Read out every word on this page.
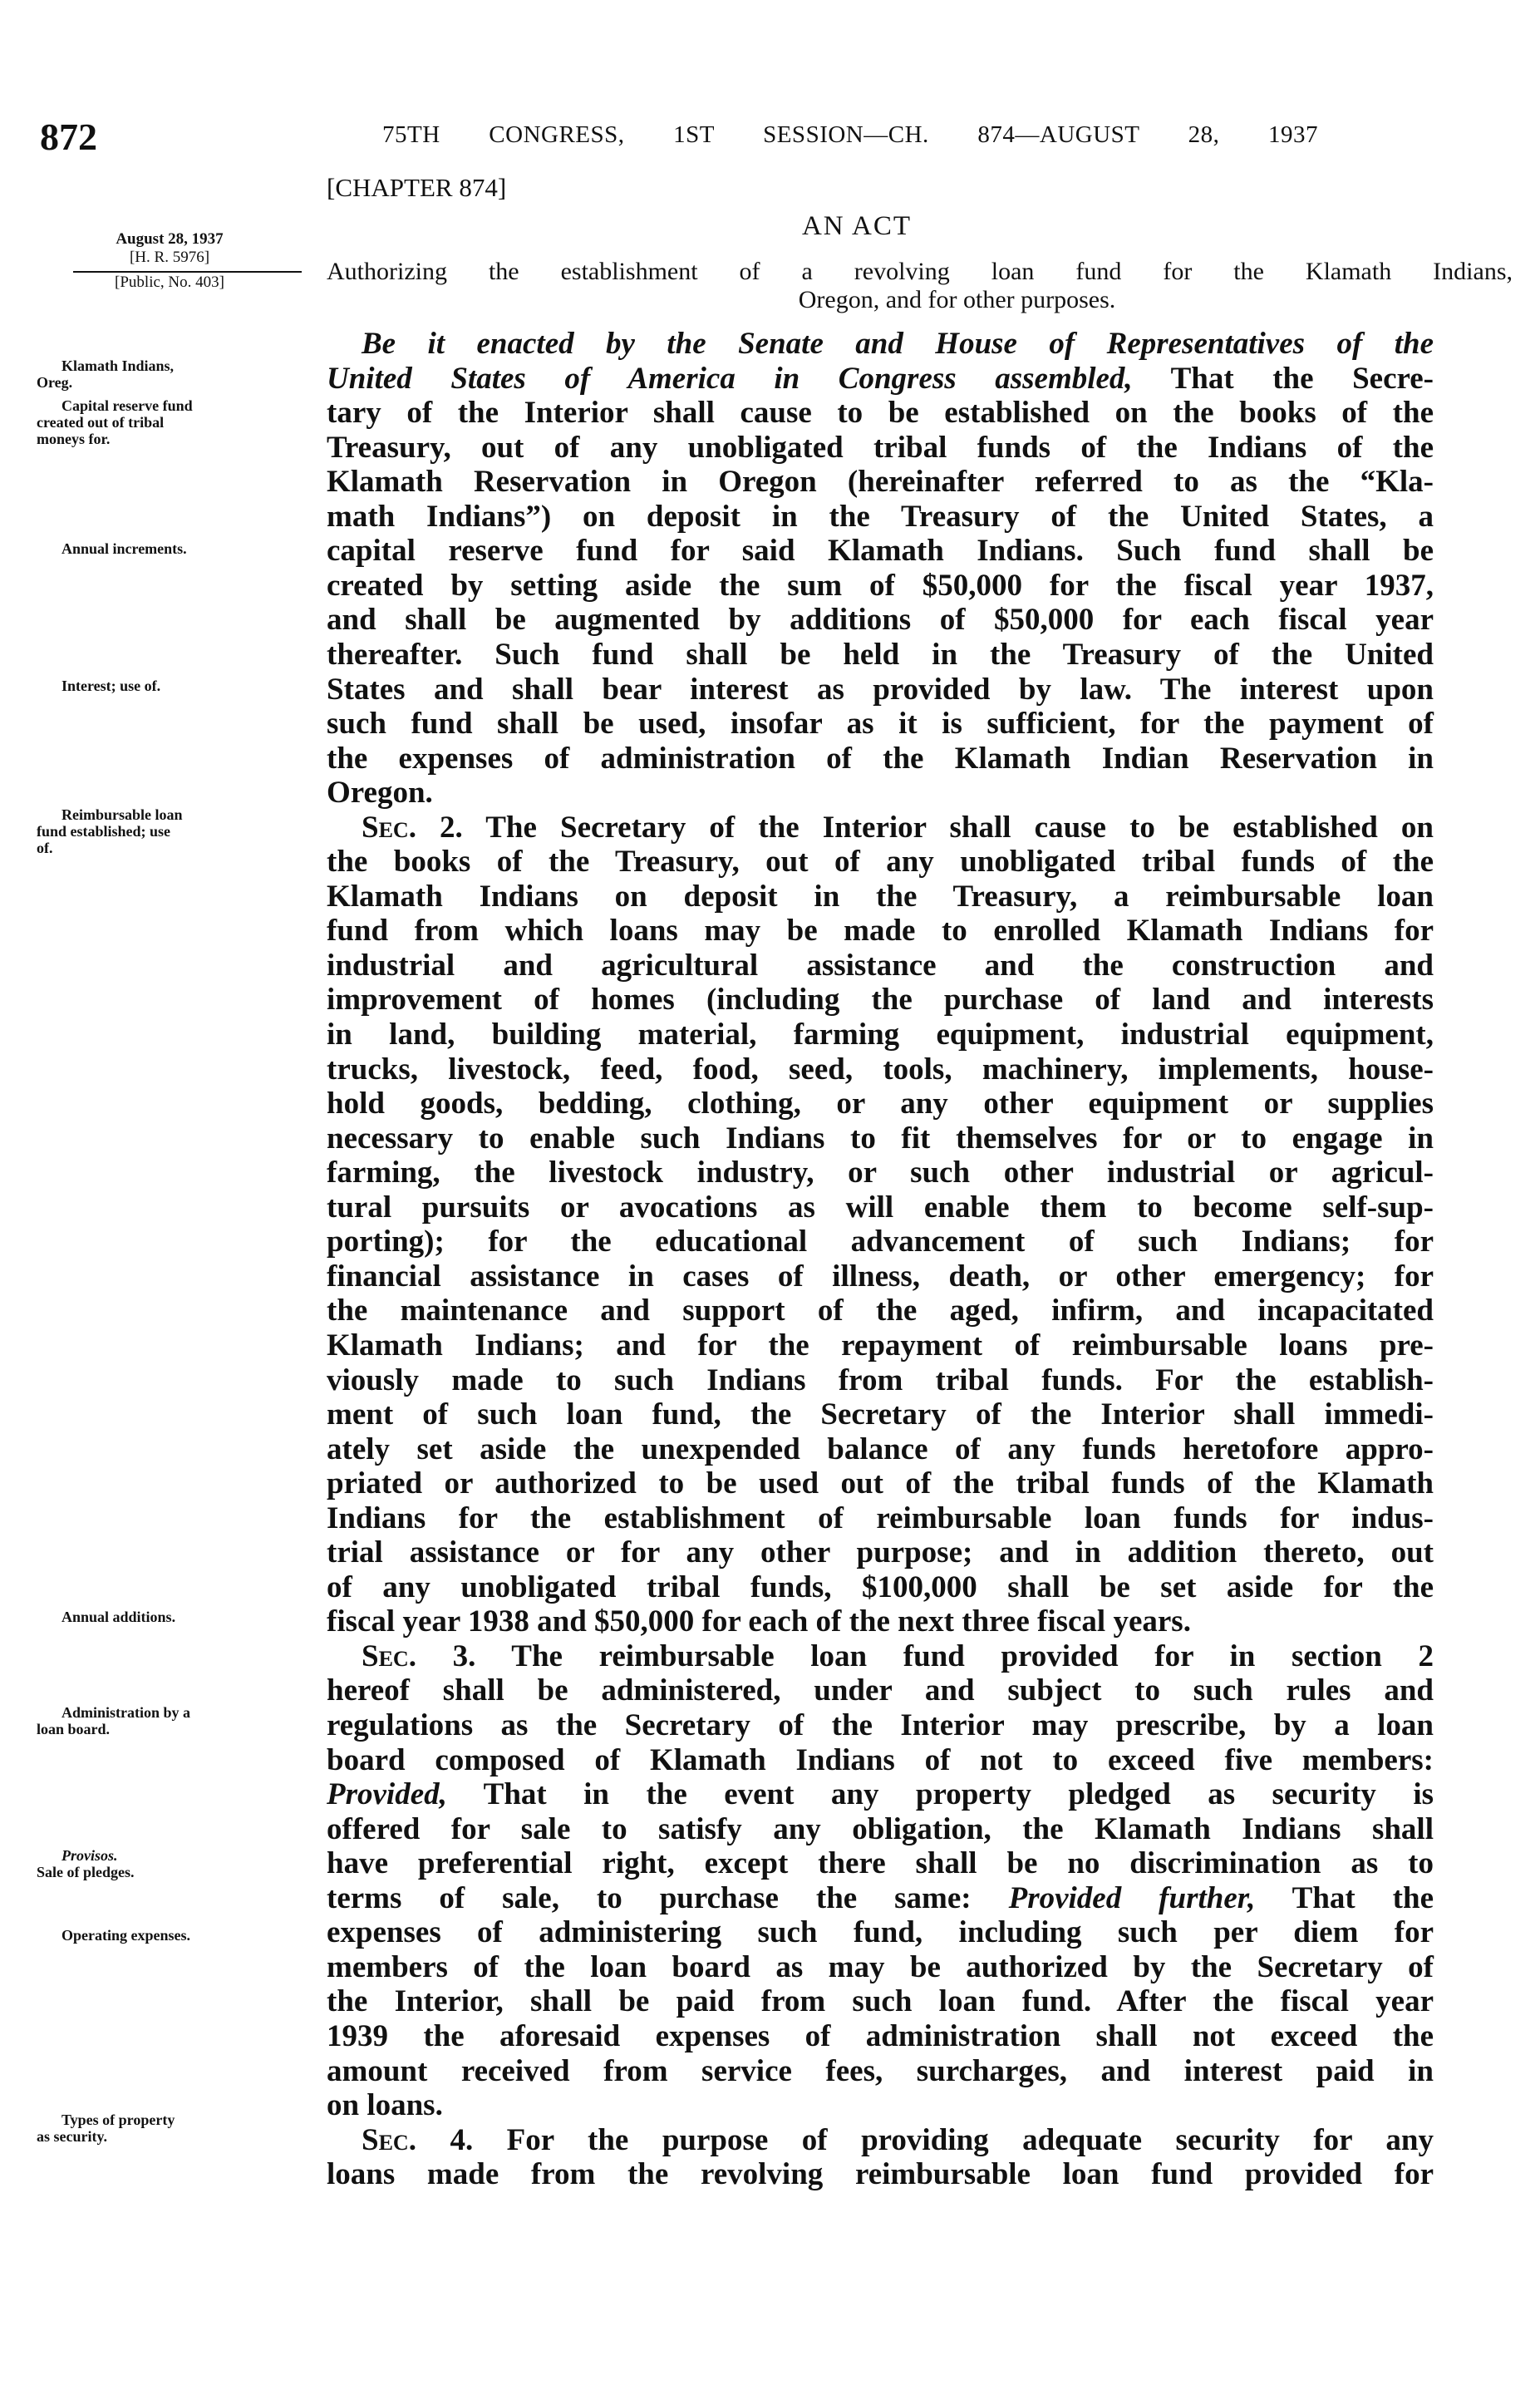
872	75TH CONGRESS, 1ST SESSION—CH. 874—AUGUST 28, 1937
[CHAPTER 874]
AN ACT
Authorizing the establishment of a revolving loan fund for the Klamath Indians,
Oregon, and for other purposes.
August 28, 1937
[H. R. 5976]
[Public, No. 403]
Klamath Indians,
Oreg.
Capital reserve fund
created out of tribal
moneys for.
Annual increments.
Interest; use of.
Reimbursable loan
fund established; use
of.
Annual additions.
Administration by a
loan board.
Provisos.
Sale of pledges.
Operating expenses.
Types of property
as security.
Be it enacted by the Senate and House of Representatives of the
United States of America in Congress assembled, That the Secre-
tary of the Interior shall cause to be established on the books of the
Treasury, out of any unobligated tribal funds of the Indians of the
Klamath Reservation in Oregon (hereinafter referred to as the “Kla-
math Indians”) on deposit in the Treasury of the United States, a
capital reserve fund for said Klamath Indians. Such fund shall be
created by setting aside the sum of $50,000 for the fiscal year 1937,
and shall be augmented by additions of $50,000 for each fiscal year
thereafter. Such fund shall be held in the Treasury of the United
States and shall bear interest as provided by law. The interest upon
such fund shall be used, insofar as it is sufficient, for the payment of
the expenses of administration of the Klamath Indian Reservation in
Oregon.
Sec. 2. The Secretary of the Interior shall cause to be established on
the books of the Treasury, out of any unobligated tribal funds of the
Klamath Indians on deposit in the Treasury, a reimbursable loan
fund from which loans may be made to enrolled Klamath Indians for
industrial and agricultural assistance and the construction and
improvement of homes (including the purchase of land and interests
in land, building material, farming equipment, industrial equipment,
trucks, livestock, feed, food, seed, tools, machinery, implements, house-
hold goods, bedding, clothing, or any other equipment or supplies
necessary to enable such Indians to fit themselves for or to engage in
farming, the livestock industry, or such other industrial or agricul-
tural pursuits or avocations as will enable them to become self-sup-
porting); for the educational advancement of such Indians; for
financial assistance in cases of illness, death, or other emergency; for
the maintenance and support of the aged, infirm, and incapacitated
Klamath Indians; and for the repayment of reimbursable loans pre-
viously made to such Indians from tribal funds. For the establish-
ment of such loan fund, the Secretary of the Interior shall immedi-
ately set aside the unexpended balance of any funds heretofore appro-
priated or authorized to be used out of the tribal funds of the Klamath
Indians for the establishment of reimbursable loan funds for indus-
trial assistance or for any other purpose; and in addition thereto, out
of any unobligated tribal funds, $100,000 shall be set aside for the
fiscal year 1938 and $50,000 for each of the next three fiscal years.
Sec. 3. The reimbursable loan fund provided for in section 2
hereof shall be administered, under and subject to such rules and
regulations as the Secretary of the Interior may prescribe, by a loan
board composed of Klamath Indians of not to exceed five members:
Provided, That in the event any property pledged as security is
offered for sale to satisfy any obligation, the Klamath Indians shall
have preferential right, except there shall be no discrimination as to
terms of sale, to purchase the same: Provided further, That the
expenses of administering such fund, including such per diem for
members of the loan board as may be authorized by the Secretary of
the Interior, shall be paid from such loan fund. After the fiscal year
1939 the aforesaid expenses of administration shall not exceed the
amount received from service fees, surcharges, and interest paid in
on loans.
Sec. 4. For the purpose of providing adequate security for any
loans made from the revolving reimbursable loan fund provided for
